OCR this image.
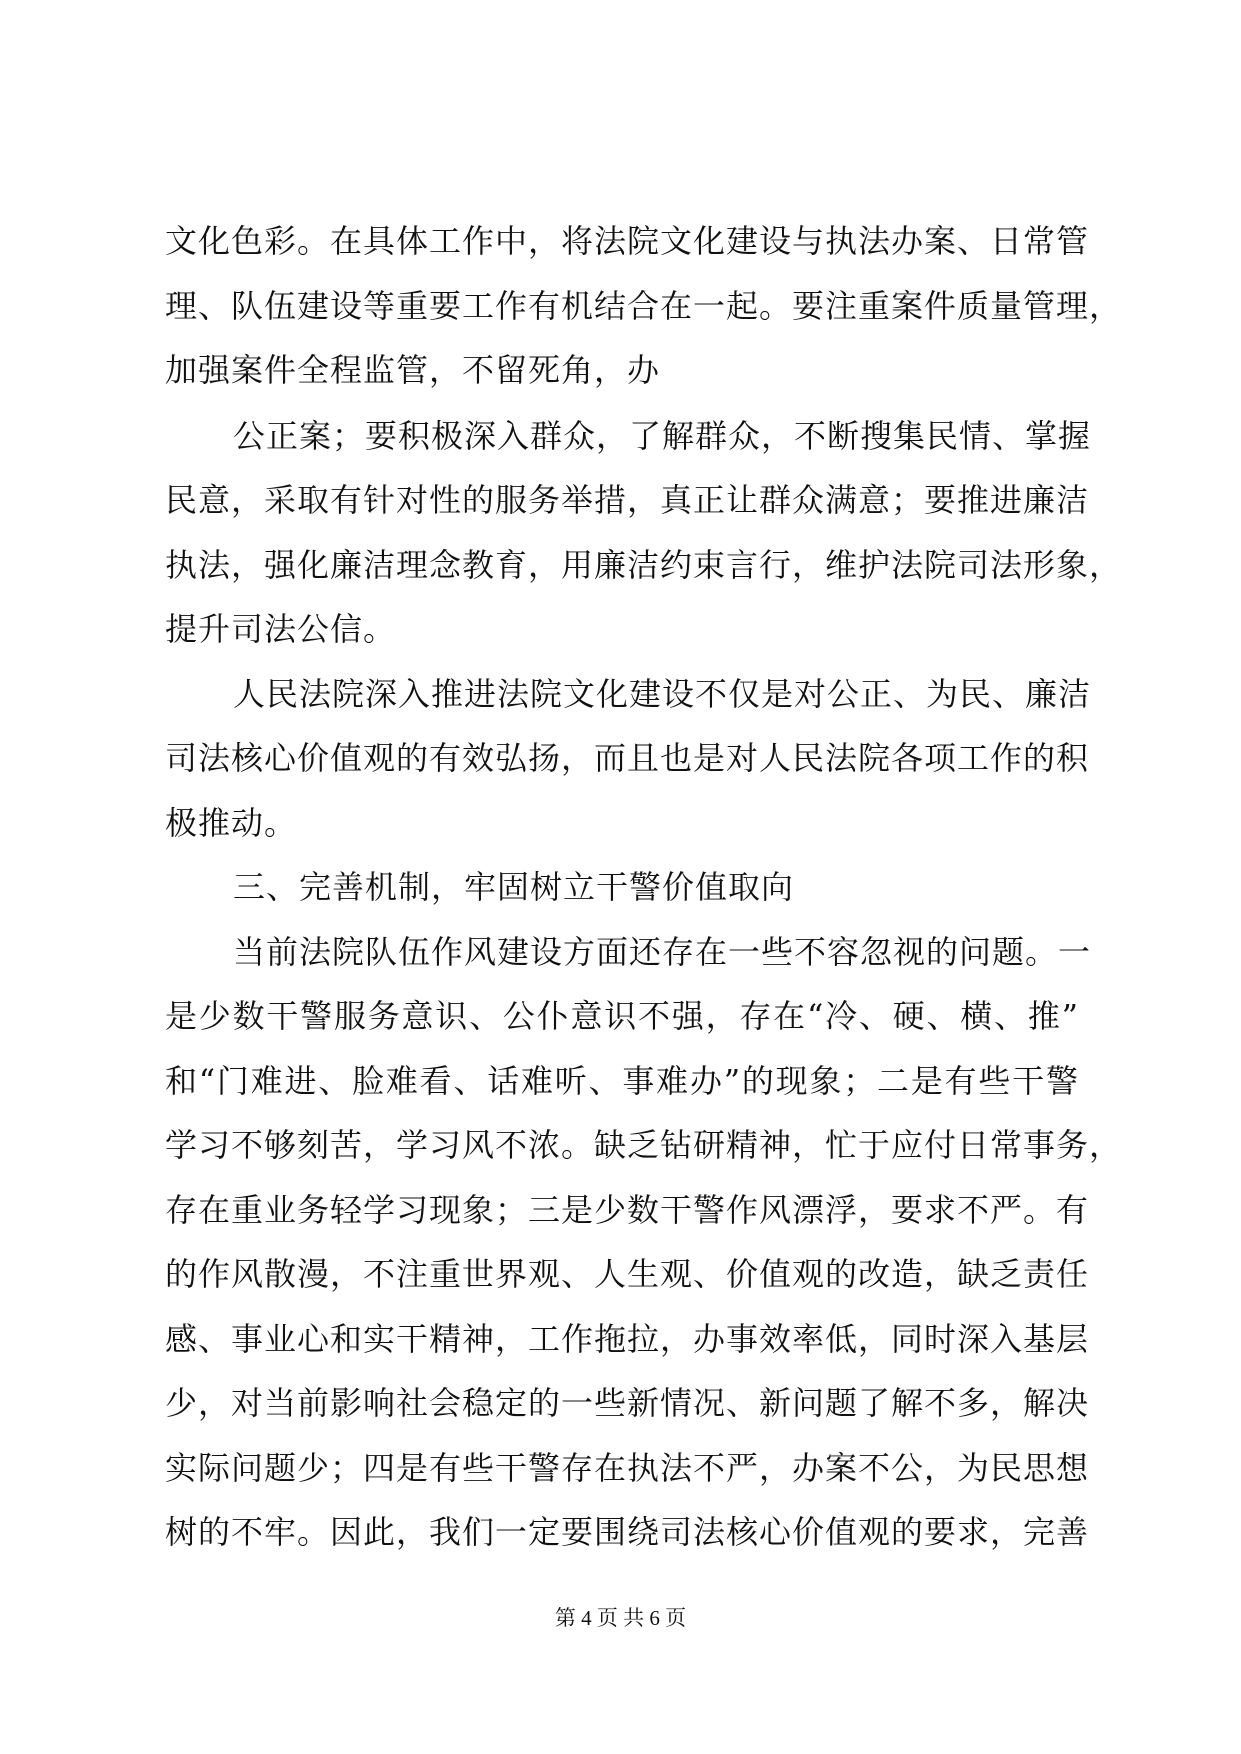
文化色彩。在具体工作中，将法院文化建设与执法办案、日常管
理、队伍建设等重要工作有机结合在一起。要注重案件质量管理，
加强案件全程监管，不留死角，办
公正案；要积极深入群众，了解群众，不断搜集民情、掌握
民意，采取有针对性的服务举措，真正让群众满意；要推进廉洁
执法，强化廉洁理念教育，用廉洁约束言行，维护法院司法形象，
提升司法公信。
人民法院深入推进法院文化建设不仅是对公正、为民、廉洁
司法核心价值观的有效弘扬，而且也是对人民法院各项工作的积
极推动。
三、完善机制，牢固树立干警价值取向
当前法院队伍作风建设方面还存在一些不容忽视的问题。一
是少数干警服务意识、公仆意识不强，存在“冷、硬、横、推”
和“门难进、脸难看、话难听、事难办”的现象；二是有些干警
学习不够刻苦，学习风不浓。缺乏钻研精神，忙于应付日常事务，
存在重业务轻学习现象；三是少数干警作风漂浮，要求不严。有
的作风散漫，不注重世界观、人生观、价值观的改造，缺乏责任
感、事业心和实干精神，工作拖拉，办事效率低，同时深入基层
少，对当前影响社会稳定的一些新情况、新问题了解不多，解决
实际问题少；四是有些干警存在执法不严，办案不公，为民思想
树的不牢。因此，我们一定要围绕司法核心价值观的要求，完善
第 4 页 共 6 页
